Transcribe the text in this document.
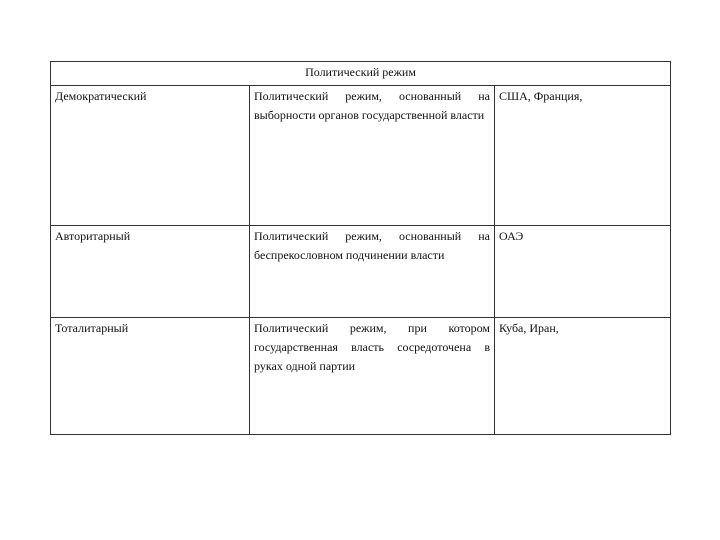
Политический режим		
Демократический	Политический режим, основанный на выборности органов государственной власти	США, Франция,
Авторитарный	Политический режим, основанный на беспрекословном подчинении власти	ОАЭ
Тоталитарный	Политический режим, при котором государственная власть сосредоточена в руках одной партии	Куба, Иран,
